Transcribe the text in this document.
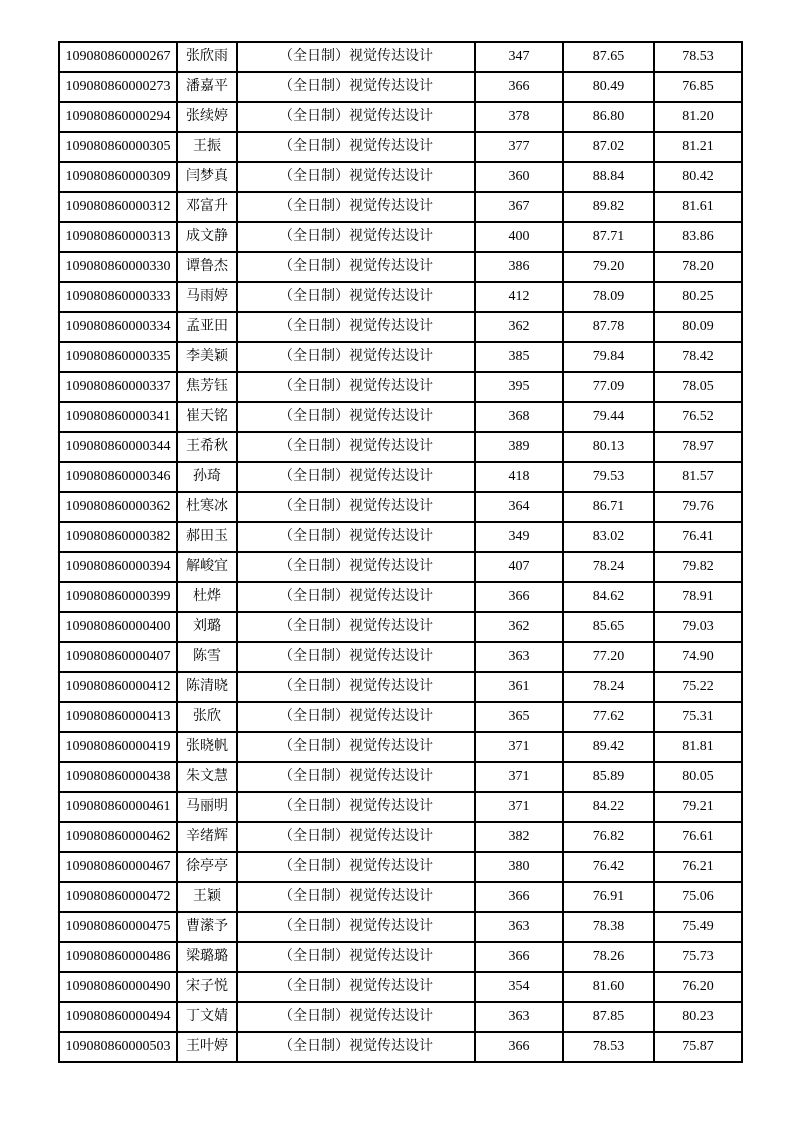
109080860000267	张欣雨	（全日制）视觉传达设计	347	87.65	78.53
109080860000273	潘嘉平	（全日制）视觉传达设计	366	80.49	76.85
109080860000294	张续婷	（全日制）视觉传达设计	378	86.80	81.20
109080860000305	王振	（全日制）视觉传达设计	377	87.02	81.21
109080860000309	闫梦真	（全日制）视觉传达设计	360	88.84	80.42
109080860000312	邓富升	（全日制）视觉传达设计	367	89.82	81.61
109080860000313	成文静	（全日制）视觉传达设计	400	87.71	83.86
109080860000330	谭鲁杰	（全日制）视觉传达设计	386	79.20	78.20
109080860000333	马雨婷	（全日制）视觉传达设计	412	78.09	80.25
109080860000334	孟亚田	（全日制）视觉传达设计	362	87.78	80.09
109080860000335	李美颖	（全日制）视觉传达设计	385	79.84	78.42
109080860000337	焦芳钰	（全日制）视觉传达设计	395	77.09	78.05
109080860000341	崔天铭	（全日制）视觉传达设计	368	79.44	76.52
109080860000344	王希秋	（全日制）视觉传达设计	389	80.13	78.97
109080860000346	孙琦	（全日制）视觉传达设计	418	79.53	81.57
109080860000362	杜寒冰	（全日制）视觉传达设计	364	86.71	79.76
109080860000382	郝田玉	（全日制）视觉传达设计	349	83.02	76.41
109080860000394	解峻宜	（全日制）视觉传达设计	407	78.24	79.82
109080860000399	杜烨	（全日制）视觉传达设计	366	84.62	78.91
109080860000400	刘璐	（全日制）视觉传达设计	362	85.65	79.03
109080860000407	陈雪	（全日制）视觉传达设计	363	77.20	74.90
109080860000412	陈清晓	（全日制）视觉传达设计	361	78.24	75.22
109080860000413	张欣	（全日制）视觉传达设计	365	77.62	75.31
109080860000419	张晓帆	（全日制）视觉传达设计	371	89.42	81.81
109080860000438	朱文慧	（全日制）视觉传达设计	371	85.89	80.05
109080860000461	马丽明	（全日制）视觉传达设计	371	84.22	79.21
109080860000462	辛绪辉	（全日制）视觉传达设计	382	76.82	76.61
109080860000467	徐亭亭	（全日制）视觉传达设计	380	76.42	76.21
109080860000472	王颖	（全日制）视觉传达设计	366	76.91	75.06
109080860000475	曹潆予	（全日制）视觉传达设计	363	78.38	75.49
109080860000486	梁璐璐	（全日制）视觉传达设计	366	78.26	75.73
109080860000490	宋子悦	（全日制）视觉传达设计	354	81.60	76.20
109080860000494	丁文婧	（全日制）视觉传达设计	363	87.85	80.23
109080860000503	王叶婷	（全日制）视觉传达设计	366	78.53	75.87
